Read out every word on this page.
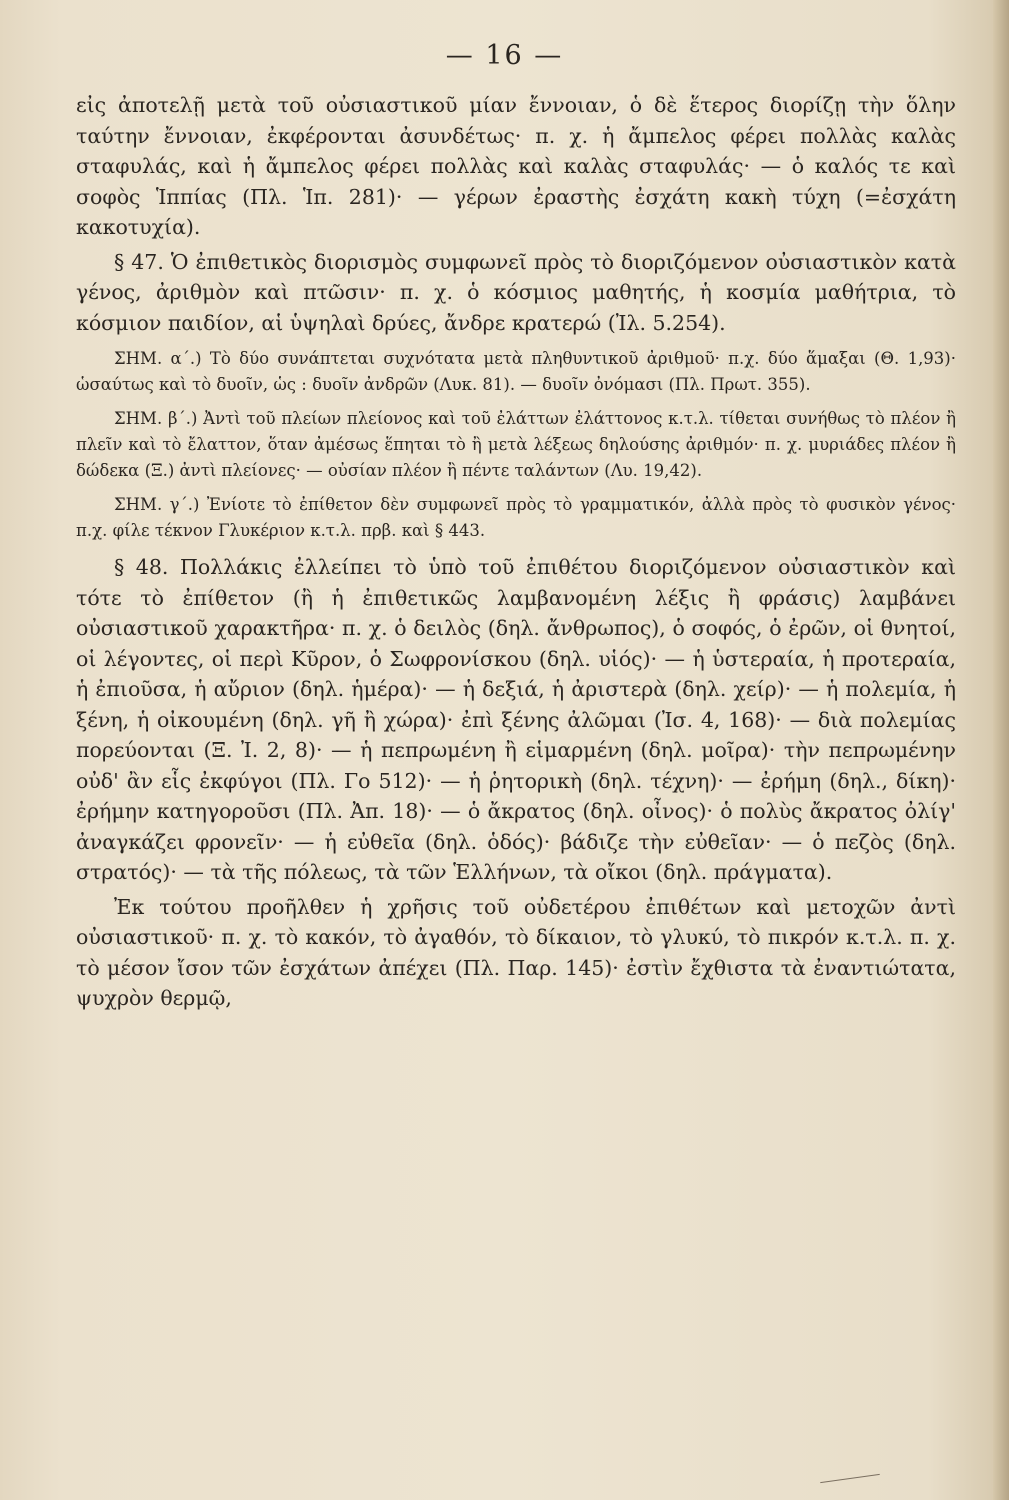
— 16 —

εἰς ἀποτελῇ μετὰ τοῦ οὐσιαστικοῦ μίαν ἔννοιαν, ὁ δὲ ἕτερος διορίζῃ τὴν ὅλην ταύτην ἔννοιαν, ἐκφέρονται ἀσυνδέτως· π. χ. ἡ ἄμπελος φέρει πολλὰς καλὰς σταφυλάς, καὶ ἡ ἄμπελος φέρει πολλὰς καὶ καλὰς σταφυλάς· — ὁ καλός τε καὶ σοφὸς Ἱππίας (Πλ. Ἱπ. 281)· — γέρων ἐραστὴς ἐσχάτη κακὴ τύχη (=ἐσχάτη κακοτυχία).

§ 47. Ὁ ἐπιθετικὸς διορισμὸς συμφωνεῖ πρὸς τὸ διοριζόμενον οὐσιαστικὸν κατὰ γένος, ἀριθμὸν καὶ πτῶσιν· π. χ. ὁ κόσμιος μαθητής, ἡ κοσμία μαθήτρια, τὸ κόσμιον παιδίον, αἱ ὑψηλαὶ δρύες, ἄνδρε κρατερώ (Ἰλ. 5.254).

ΣΗΜ. α΄.) Τὸ δύο συνάπτεται συχνότατα μετὰ πληθυντικοῦ ἀριθμοῦ· π.χ. δύο ἅμαξαι (Θ. 1,93)· ὡσαύτως καὶ τὸ δυοῖν, ὡς : δυοῖν ἀνδρῶν (Λυκ. 81). — δυοῖν ὀνόμασι (Πλ. Πρωτ. 355).

ΣΗΜ. β΄.) Ἀντὶ τοῦ πλείων πλείονος καὶ τοῦ ἐλάττων ἐλάττονος κ.τ.λ. τίθεται συνήθως τὸ πλέον ἢ πλεῖν καὶ τὸ ἔλαττον, ὅταν ἀμέσως ἕπηται τὸ ἢ μετὰ λέξεως δηλούσης ἀριθμόν· π. χ. μυριάδες πλέον ἢ δώδεκα (Ξ.) ἀντὶ πλείονες· — οὐσίαν πλέον ἢ πέντε ταλάντων (Λυ. 19,42).

ΣΗΜ. γ΄.) Ἐνίοτε τὸ ἐπίθετον δὲν συμφωνεῖ πρὸς τὸ γραμματικόν, ἀλλὰ πρὸς τὸ φυσικὸν γένος· π.χ. φίλε τέκνον Γλυκέριον κ.τ.λ. πρβ. καὶ § 443.

§ 48. Πολλάκις ἐλλείπει τὸ ὑπὸ τοῦ ἐπιθέτου διοριζόμενον οὐσιαστικὸν καὶ τότε τὸ ἐπίθετον (ἢ ἡ ἐπιθετικῶς λαμβανομένη λέξις ἢ φράσις) λαμβάνει οὐσιαστικοῦ χαρακτῆρα· π. χ. ὁ δειλὸς (δηλ. ἄνθρωπος), ὁ σοφός, ὁ ἐρῶν, οἱ θνητοί, οἱ λέγοντες, οἱ περὶ Κῦρον, ὁ Σωφρονίσκου (δηλ. υἱός)· — ἡ ὑστεραία, ἡ προτεραία, ἡ ἐπιοῦσα, ἡ αὔριον (δηλ. ἡμέρα)· — ἡ δεξιά, ἡ ἀριστερὰ (δηλ. χείρ)· — ἡ πολεμία, ἡ ξένη, ἡ οἰκουμένη (δηλ. γῆ ἢ χώρα)· ἐπὶ ξένης ἀλῶμαι (Ἰσ. 4, 168)· — διὰ πολεμίας πορεύονται (Ξ. Ἰ. 2, 8)· — ἡ πεπρωμένη ἢ εἱμαρμένη (δηλ. μοῖρα)· τὴν πεπρωμένην οὐδ' ἂν εἷς ἐκφύγοι (Πλ. Γο 512)· — ἡ ῥητορικὴ (δηλ. τέχνη)· — ἐρήμη (δηλ., δίκη)· ἐρήμην κατηγοροῦσι (Πλ. Ἀπ. 18)· — ὁ ἄκρατος (δηλ. οἶνος)· ὁ πολὺς ἄκρατος ὀλίγ' ἀναγκάζει φρονεῖν· — ἡ εὐθεῖα (δηλ. ὁδός)· βάδιζε τὴν εὐθεῖαν· — ὁ πεζὸς (δηλ. στρατός)· — τὰ τῆς πόλεως, τὰ τῶν Ἑλλήνων, τὰ οἴκοι (δηλ. πράγματα).

Ἐκ τούτου προῆλθεν ἡ χρῆσις τοῦ οὐδετέρου ἐπιθέτων καὶ μετοχῶν ἀντὶ οὐσιαστικοῦ· π. χ. τὸ κακόν, τὸ ἀγαθόν, τὸ δίκαιον, τὸ γλυκύ, τὸ πικρόν κ.τ.λ. π. χ. τὸ μέσον ἴσον τῶν ἐσχάτων ἀπέχει (Πλ. Παρ. 145)· ἐστὶν ἔχθιστα τὰ ἐναντιώτατα, ψυχρὸν θερμῷ,
